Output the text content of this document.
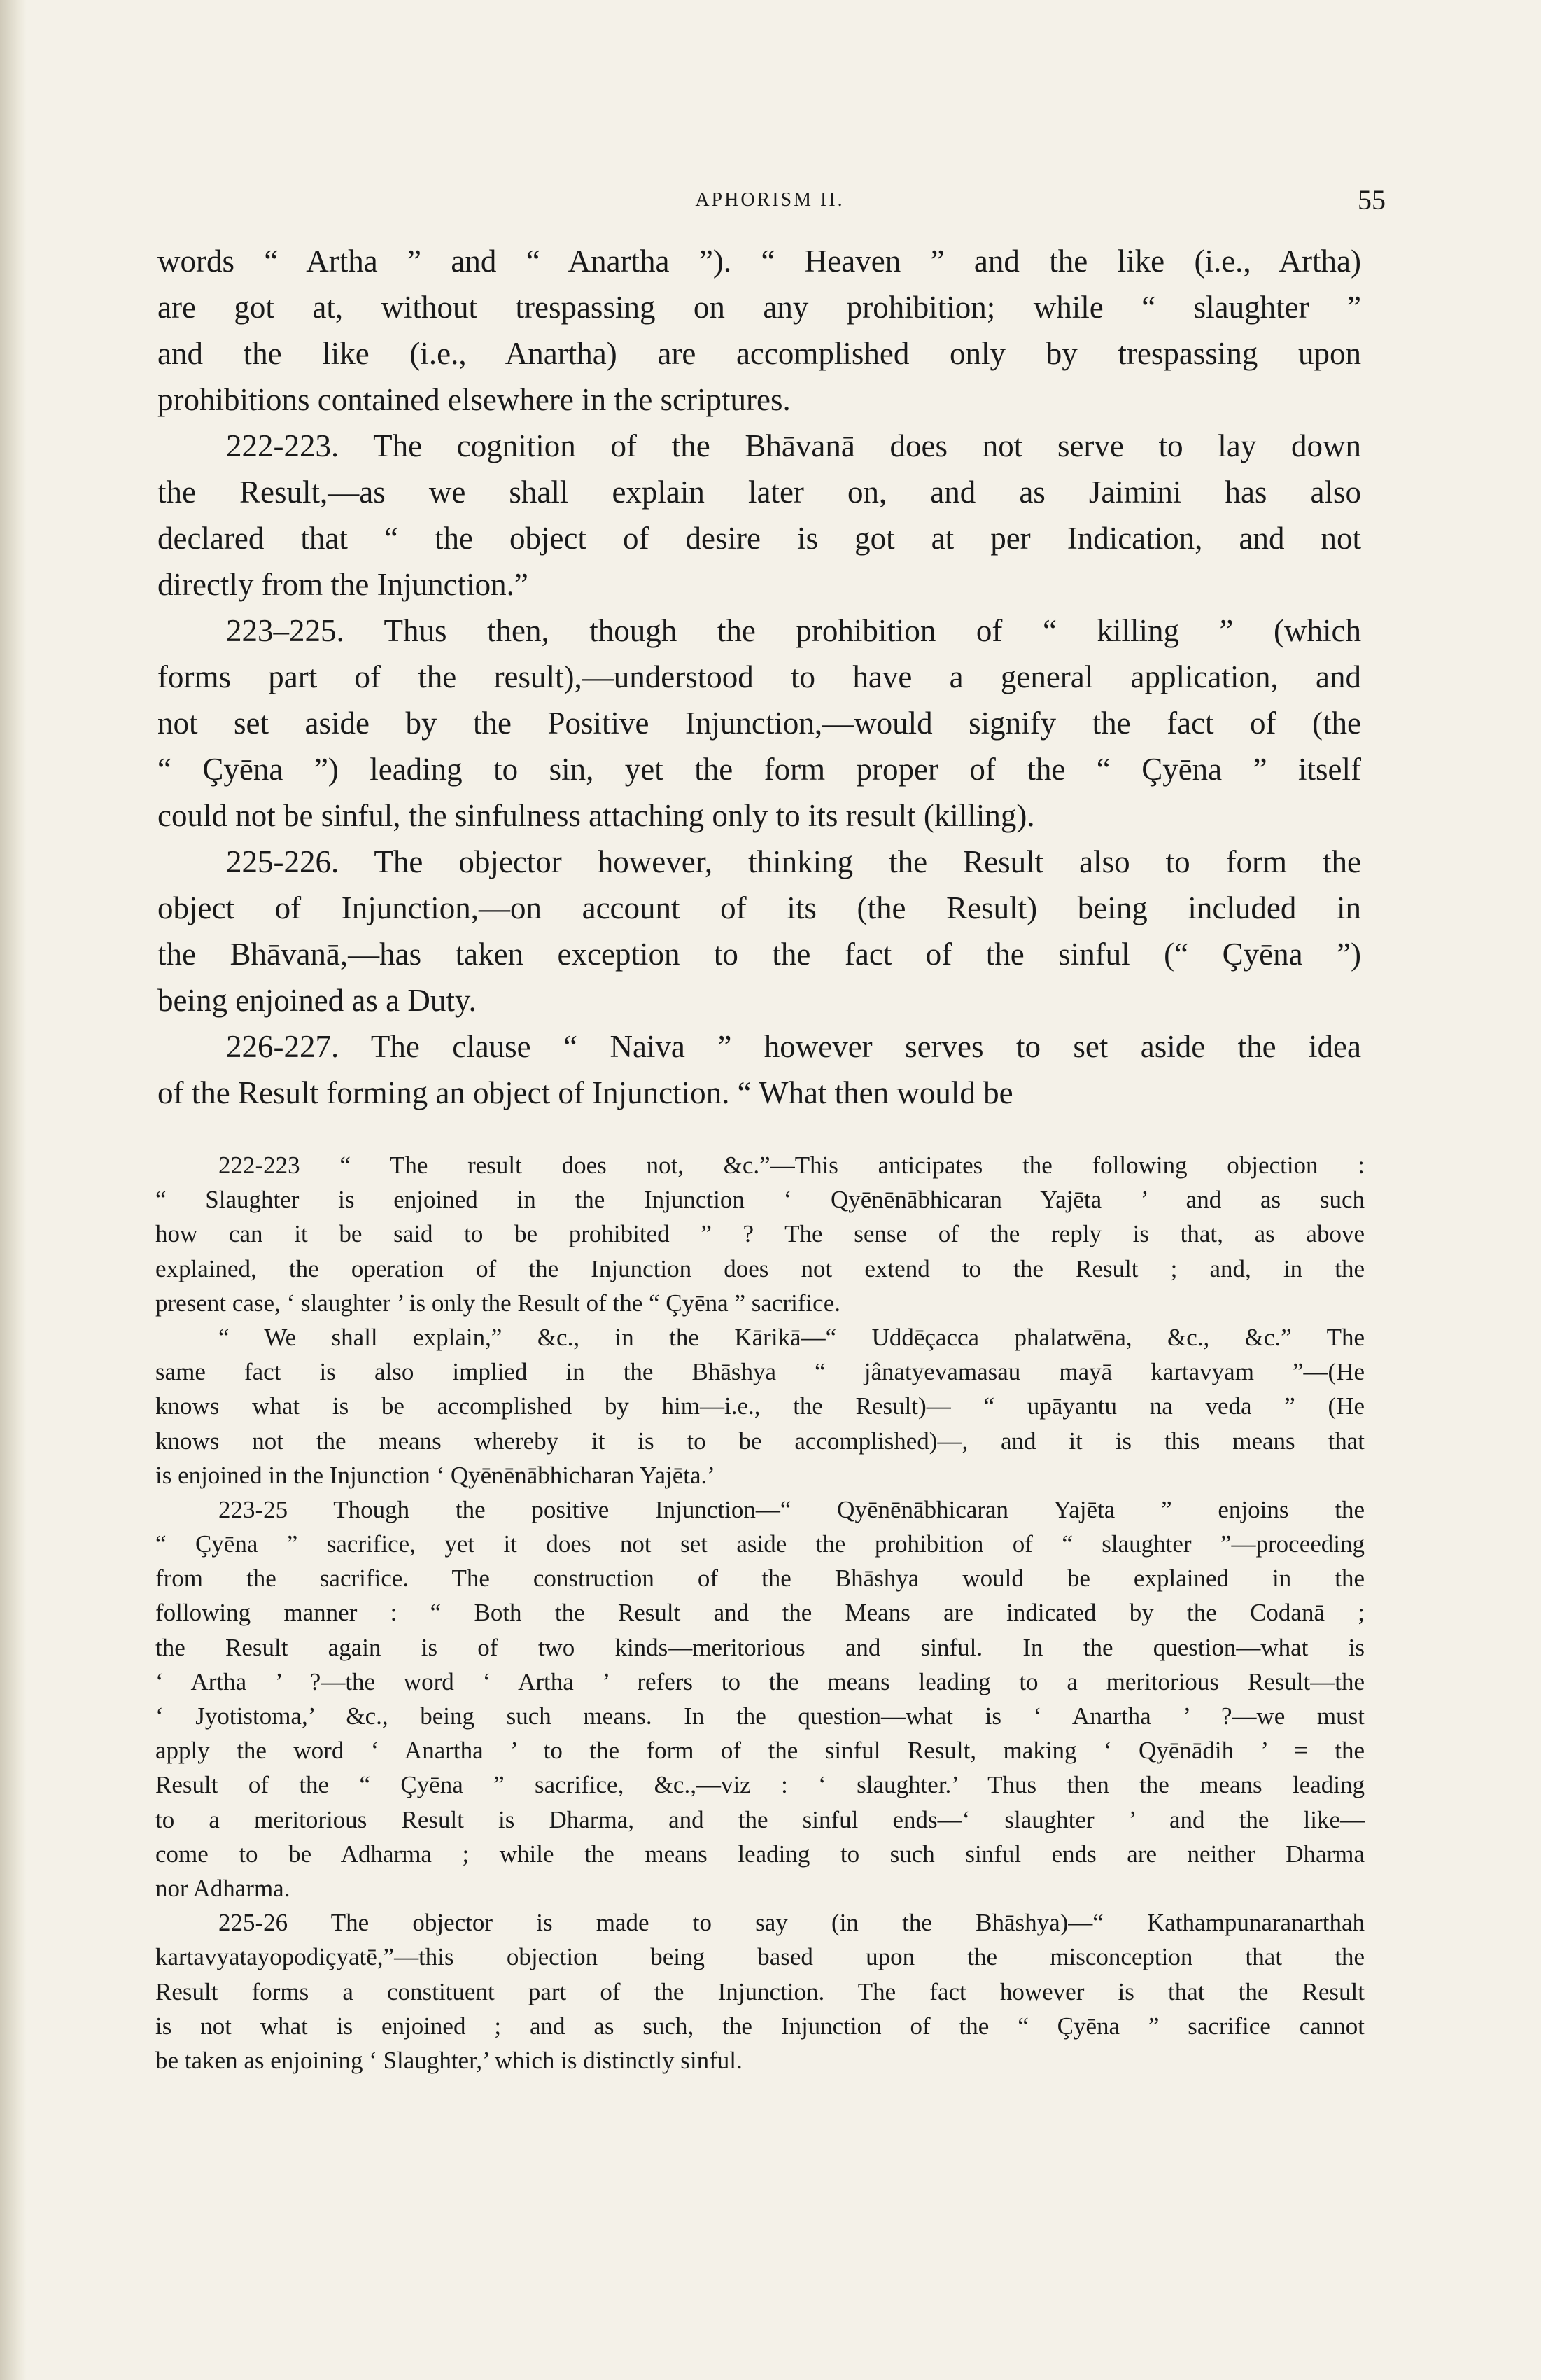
APHORISM II.	55
words “ Artha ” and “ Anartha ”). “ Heaven ” and the like (i.e., Artha)
are got at, without trespassing on any prohibition; while “ slaughter ”
and the like (i.e., Anartha) are accomplished only by trespassing upon
prohibitions contained elsewhere in the scriptures.
222-223. The cognition of the Bhāvanā does not serve to lay down
the Result,—as we shall explain later on, and as Jaimini has also
declared that “ the object of desire is got at per Indication, and not
directly from the Injunction.”
223–225. Thus then, though the prohibition of “ killing ” (which
forms part of the result),—understood to have a general application, and
not set aside by the Positive Injunction,—would signify the fact of (the
“ Çyēna ”) leading to sin, yet the form proper of the “ Çyēna ” itself
could not be sinful, the sinfulness attaching only to its result (killing).
225-226. The objector however, thinking the Result also to form the
object of Injunction,—on account of its (the Result) being included in
the Bhāvanā,—has taken exception to the fact of the sinful (“ Çyēna ”)
being enjoined as a Duty.
226-227. The clause “ Naiva ” however serves to set aside the idea
of the Result forming an object of Injunction. “ What then would be
222-223 “ The result does not, &c.”—This anticipates the following objection :
“ Slaughter is enjoined in the Injunction ‘ Qyēnēnābhicaran Yajēta ’ and as such
how can it be said to be prohibited ” ? The sense of the reply is that, as above
explained, the operation of the Injunction does not extend to the Result ; and, in the
present case, ‘ slaughter ’ is only the Result of the “ Çyēna ” sacrifice.
“ We shall explain,” &c., in the Kārikā—“ Uddēçacca phalatwēna, &c., &c.” The
same fact is also implied in the Bhāshya “ jânatyevamasau mayā kartavyam ”—(He
knows what is be accomplished by him—i.e., the Result)— “ upāyantu na veda ” (He
knows not the means whereby it is to be accomplished)—, and it is this means that
is enjoined in the Injunction ‘ Qyēnēnābhicharan Yajēta.’
223-25 Though the positive Injunction—“ Qyēnēnābhicaran Yajēta ” enjoins the
“ Çyēna ” sacrifice, yet it does not set aside the prohibition of “ slaughter ”—proceeding
from the sacrifice. The construction of the Bhāshya would be explained in the
following manner : “ Both the Result and the Means are indicated by the Codanā ;
the Result again is of two kinds—meritorious and sinful. In the question—what is
‘ Artha ’ ?—the word ‘ Artha ’ refers to the means leading to a meritorious Result—the
‘ Jyotistoma,’ &c., being such means. In the question—what is ‘ Anartha ’ ?—we must
apply the word ‘ Anartha ’ to the form of the sinful Result, making ‘ Qyēnādih ’ = the
Result of the “ Çyēna ” sacrifice, &c.,—viz : ‘ slaughter.’ Thus then the means leading
to a meritorious Result is Dharma, and the sinful ends—‘ slaughter ’ and the like—
come to be Adharma ; while the means leading to such sinful ends are neither Dharma
nor Adharma.
225-26 The objector is made to say (in the Bhāshya)—“ Kathampunaranarthah
kartavyatayopodiçyatē,”—this objection being based upon the misconception that the
Result forms a constituent part of the Injunction. The fact however is that the Result
is not what is enjoined ; and as such, the Injunction of the “ Çyēna ” sacrifice cannot
be taken as enjoining ‘ Slaughter,’ which is distinctly sinful.
